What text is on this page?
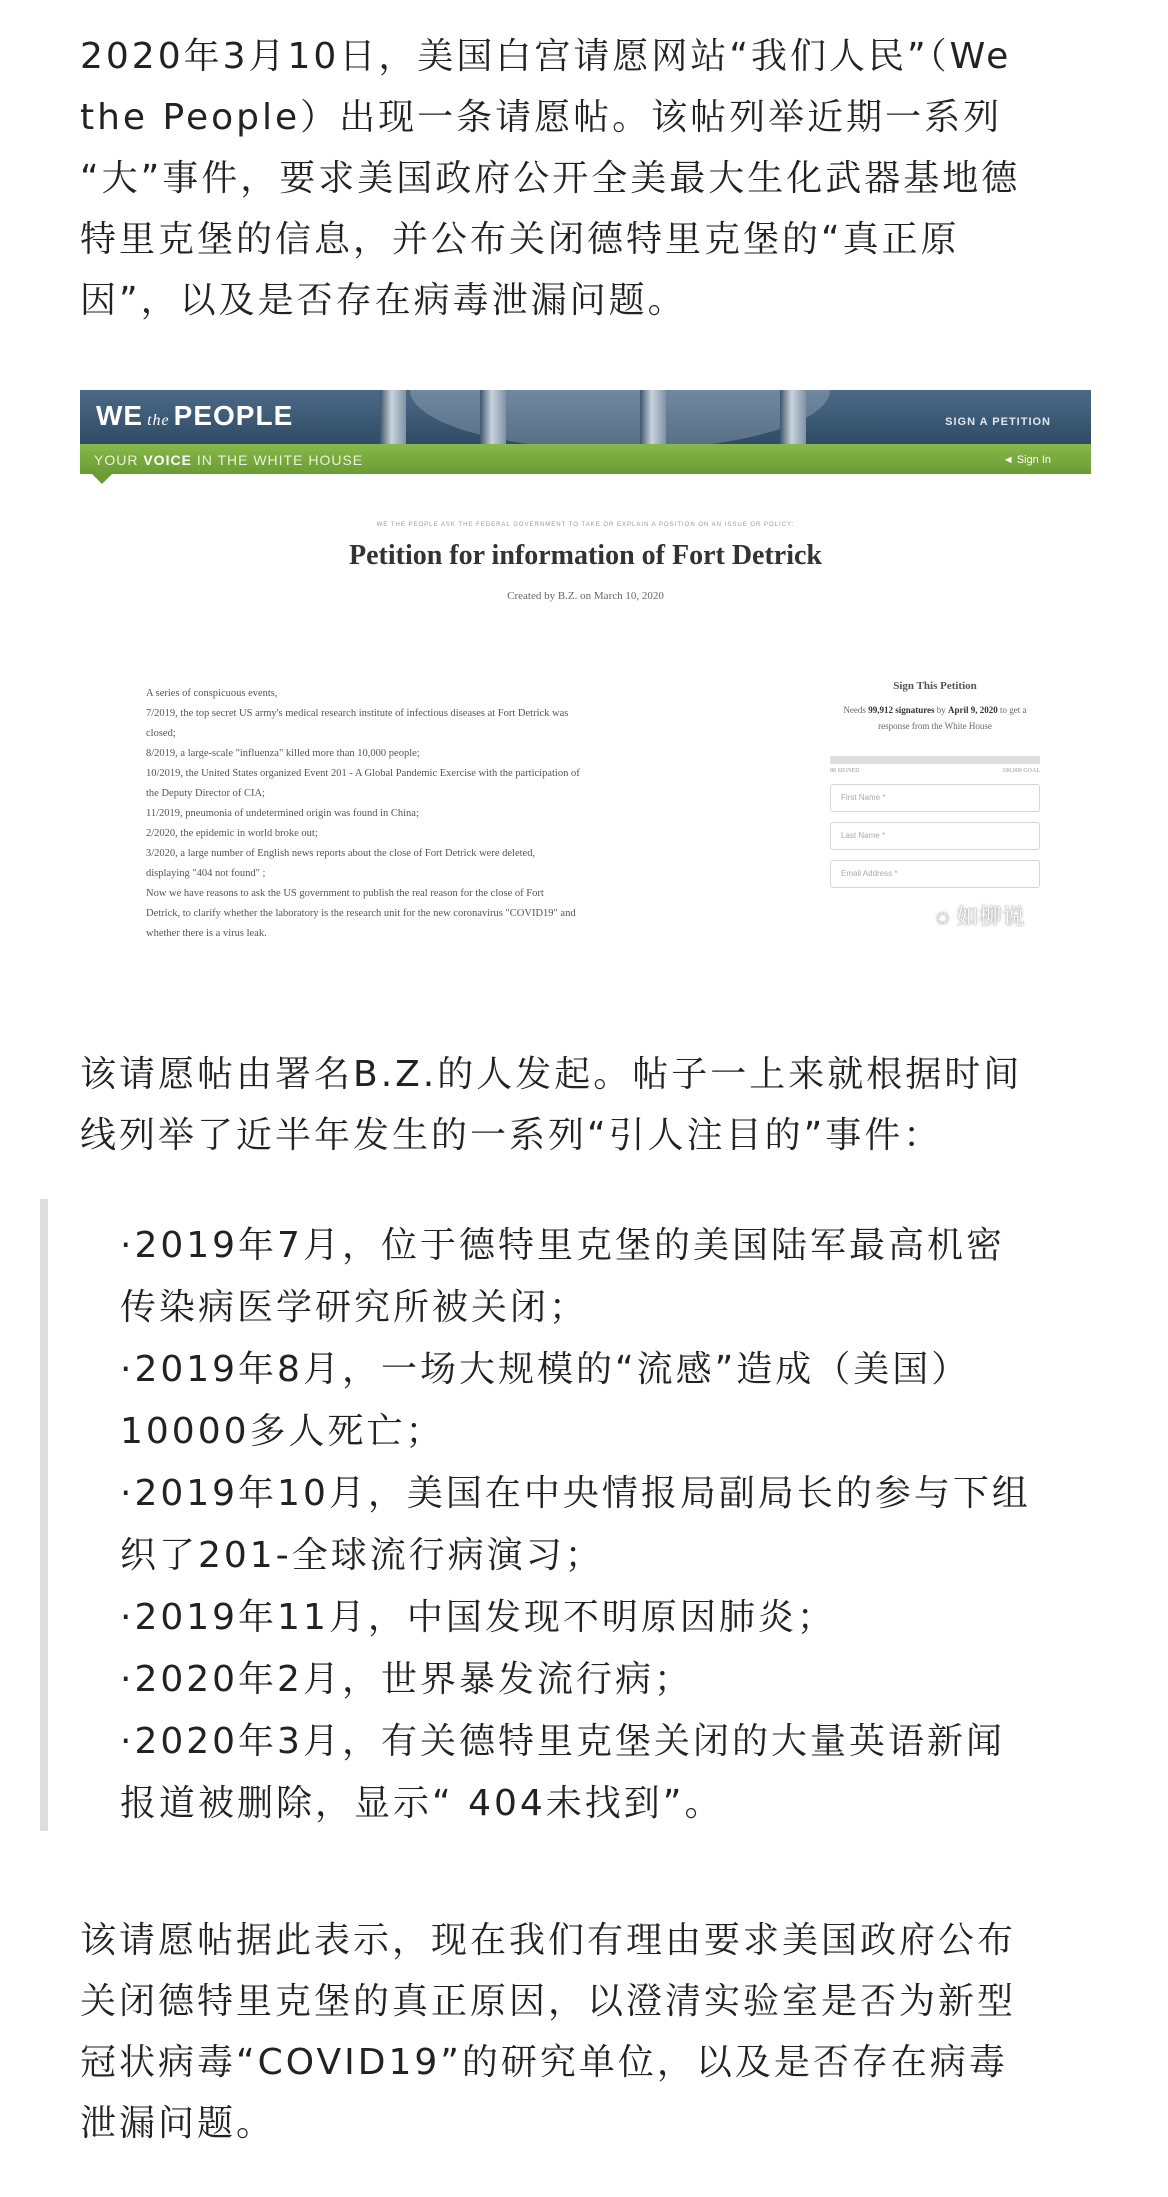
2020年3月10日，美国白宫请愿网站“我们人民”（We
the People）出现一条请愿帖。该帖列举近期一系列
“大”事件，要求美国政府公开全美最大生化武器基地德
特里克堡的信息，并公布关闭德特里克堡的“真正原
因”，以及是否存在病毒泄漏问题。

WE the PEOPLE	SIGN A PETITION
YOUR VOICE IN THE WHITE HOUSE	◄ Sign In
WE THE PEOPLE ASK THE FEDERAL GOVERNMENT TO TAKE OR EXPLAIN A POSITION ON AN ISSUE OR POLICY:
Petition for information of Fort Detrick
Created by B.Z. on March 10, 2020
A series of conspicuous events,
7/2019, the top secret US army's medical research institute of infectious diseases at Fort Detrick was
closed;
8/2019, a large-scale "influenza" killed more than 10,000 people;
10/2019, the United States organized Event 201 - A Global Pandemic Exercise with the participation of
the Deputy Director of CIA;
11/2019, pneumonia of undetermined origin was found in China;
2/2020, the epidemic in world broke out;
3/2020, a large number of English news reports about the close of Fort Detrick were deleted,
displaying "404 not found" ;
Now we have reasons to ask the US government to publish the real reason for the close of Fort
Detrick, to clarify whether the laboratory is the research unit for the new coronavirus "COVID19" and
whether there is a virus leak.
Sign This Petition
Needs 99,912 signatures by April 9, 2020 to get a response from the White House
88 SIGNED	100,000 GOAL
First Name *
Last Name *
Email Address *
✺ 如柳说

该请愿帖由署名B.Z.的人发起。帖子一上来就根据时间
线列举了近半年发生的一系列“引人注目的”事件：

·2019年7月，位于德特里克堡的美国陆军最高机密
传染病医学研究所被关闭；
·2019年8月，一场大规模的“流感”造成（美国）
10000多人死亡；
·2019年10月，美国在中央情报局副局长的参与下组
织了201-全球流行病演习；
·2019年11月，中国发现不明原因肺炎；
·2020年2月，世界暴发流行病；
·2020年3月，有关德特里克堡关闭的大量英语新闻
报道被删除，显示“ 404未找到”。

该请愿帖据此表示，现在我们有理由要求美国政府公布
关闭德特里克堡的真正原因，以澄清实验室是否为新型
冠状病毒“COVID19”的研究单位，以及是否存在病毒
泄漏问题。
